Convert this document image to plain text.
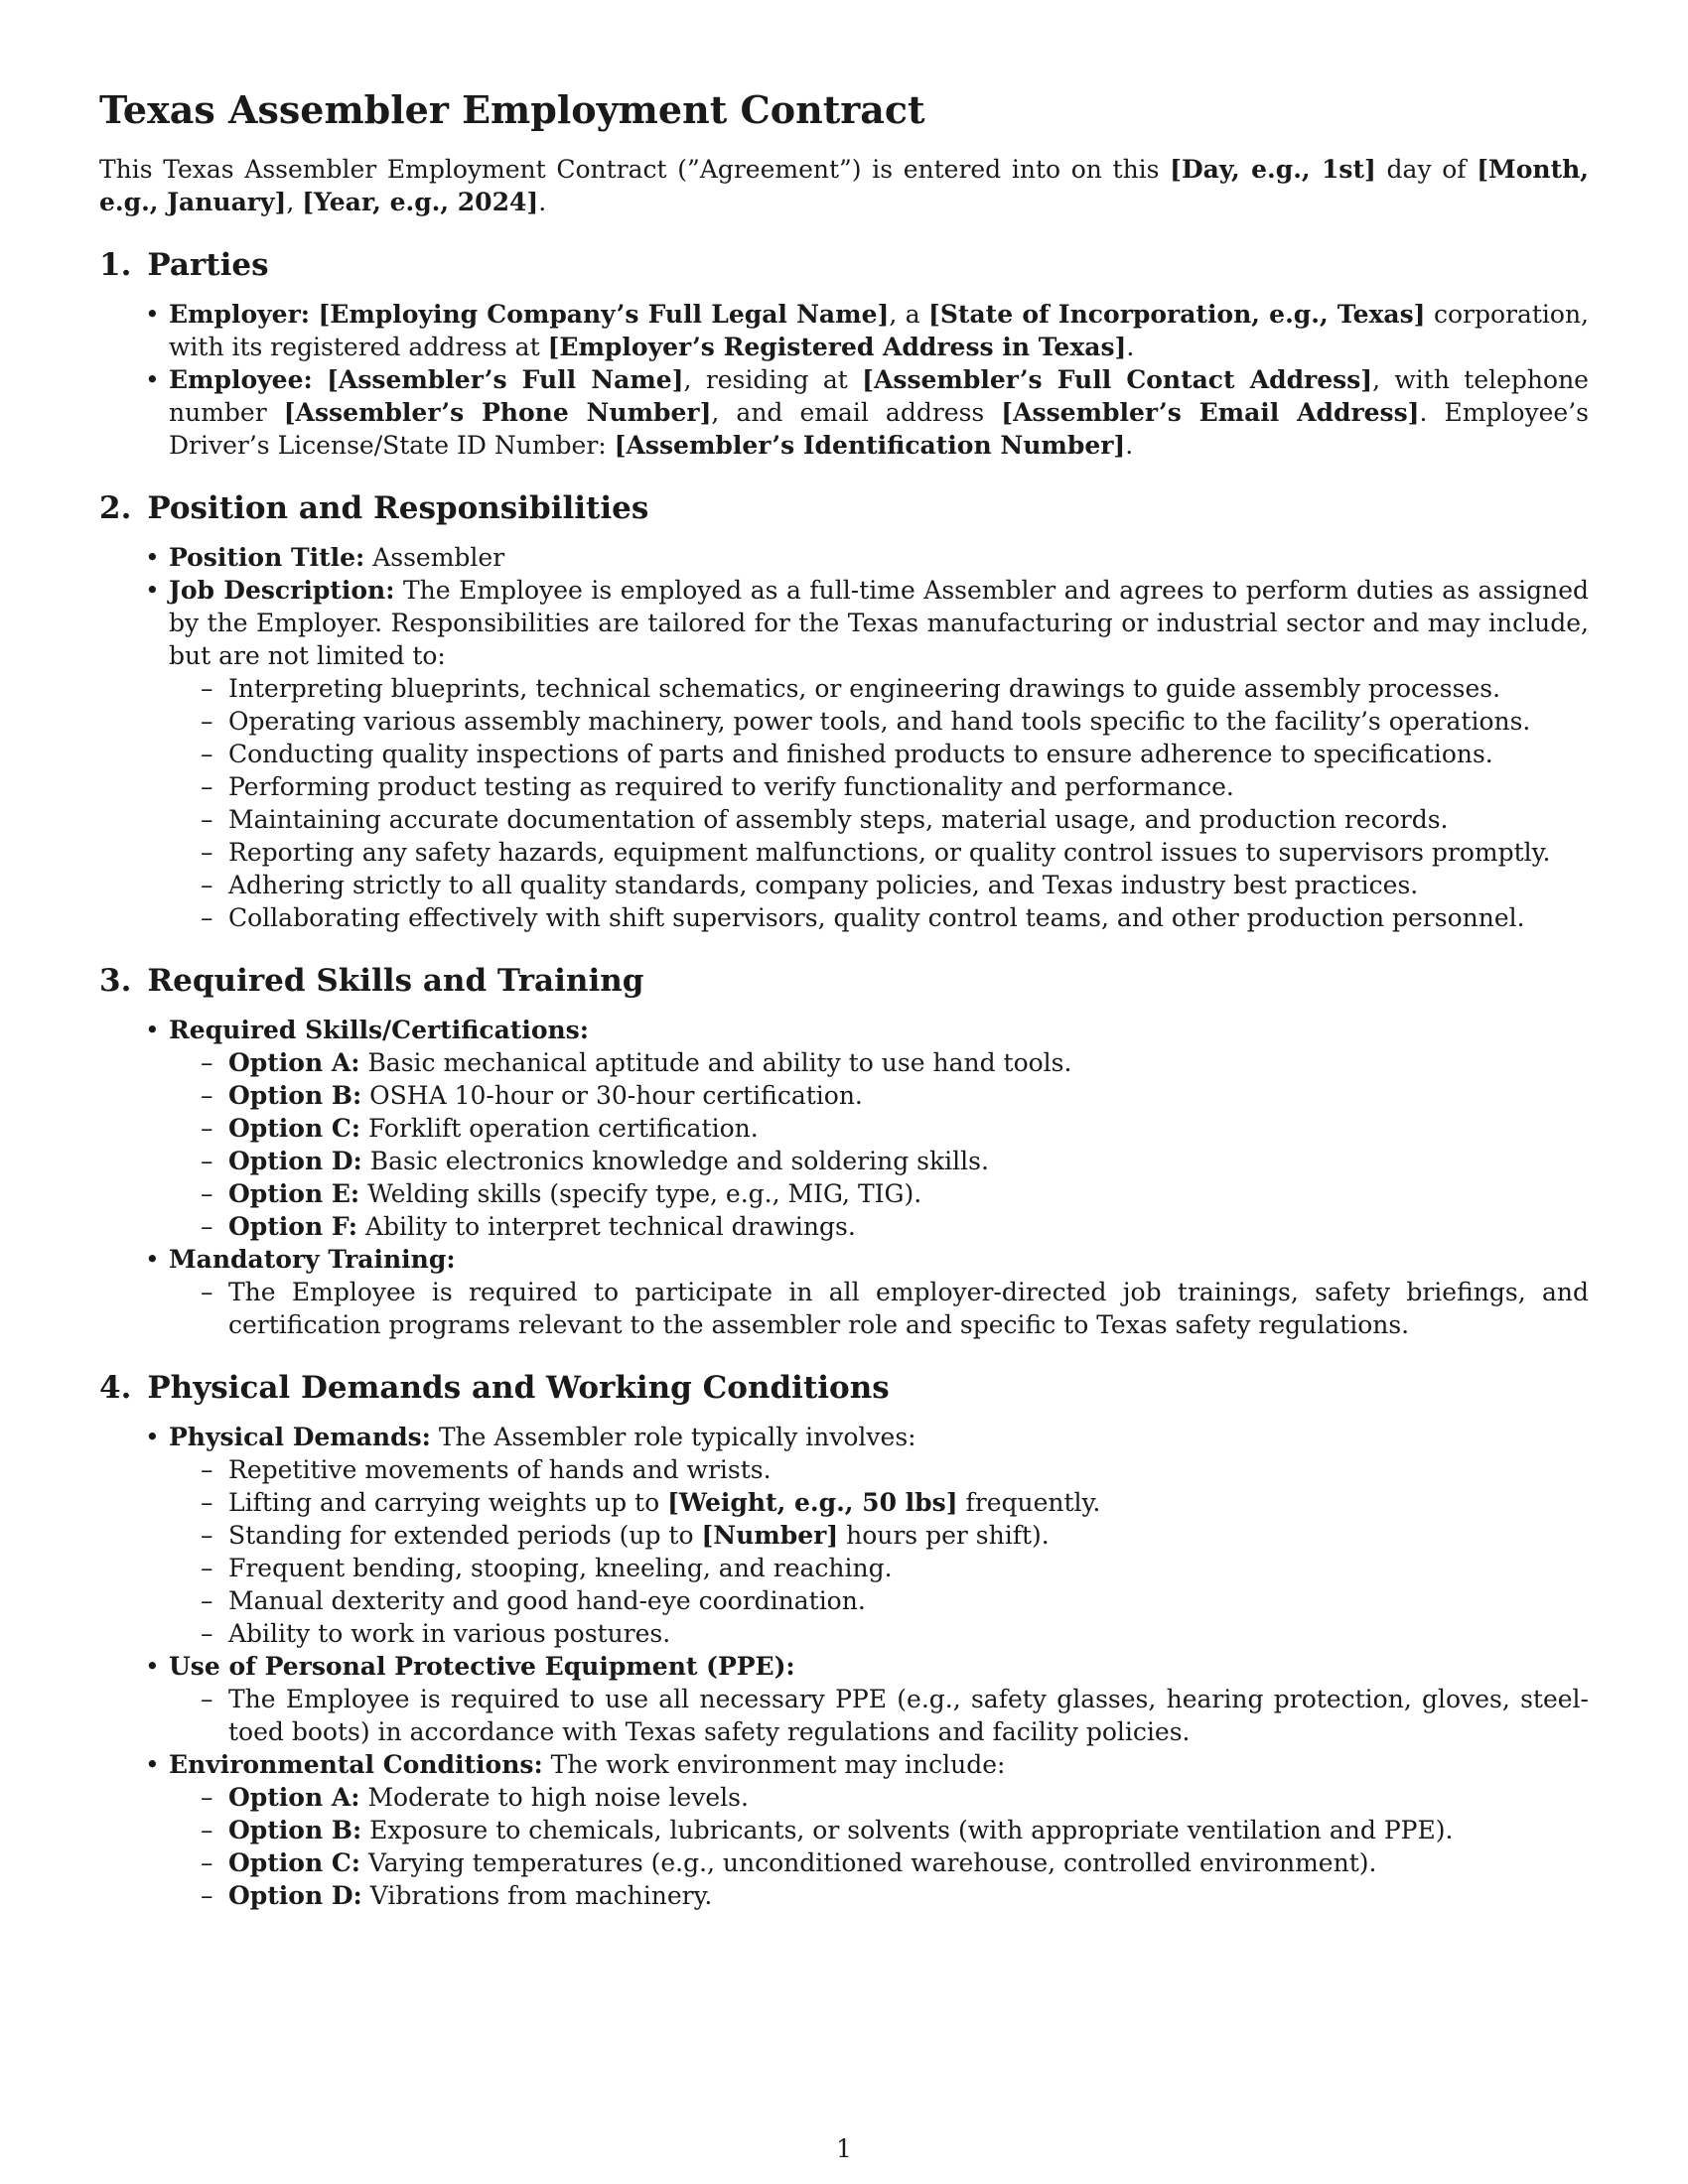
Texas Assembler Employment Contract

This Texas Assembler Employment Contract (”Agreement”) is entered into on this [Day, e.g., 1st] day of [Month, e.g., January], [Year, e.g., 2024].

1. Parties
• Employer: [Employing Company’s Full Legal Name], a [State of Incorporation, e.g., Texas] corporation, with its registered address at [Employer’s Registered Address in Texas].
• Employee: [Assembler’s Full Name], residing at [Assembler’s Full Contact Address], with telephone number [Assembler’s Phone Number], and email address [Assembler’s Email Address]. Employee’s Driver’s License/State ID Number: [Assembler’s Identification Number].
2. Position and Responsibilities
• Position Title: Assembler
• Job Description: The Employee is employed as a full-time Assembler and agrees to perform duties as assigned by the Employer. Responsibilities are tailored for the Texas manufacturing or industrial sector and may include, but are not limited to:
– Interpreting blueprints, technical schematics, or engineering drawings to guide assembly processes.
– Operating various assembly machinery, power tools, and hand tools specific to the facility’s operations.
– Conducting quality inspections of parts and finished products to ensure adherence to specifications.
– Performing product testing as required to verify functionality and performance.
– Maintaining accurate documentation of assembly steps, material usage, and production records.
– Reporting any safety hazards, equipment malfunctions, or quality control issues to supervisors promptly.
– Adhering strictly to all quality standards, company policies, and Texas industry best practices.
– Collaborating effectively with shift supervisors, quality control teams, and other production personnel.
3. Required Skills and Training
• Required Skills/Certifications:
– Option A: Basic mechanical aptitude and ability to use hand tools.
– Option B: OSHA 10-hour or 30-hour certification.
– Option C: Forklift operation certification.
– Option D: Basic electronics knowledge and soldering skills.
– Option E: Welding skills (specify type, e.g., MIG, TIG).
– Option F: Ability to interpret technical drawings.
• Mandatory Training:
– The Employee is required to participate in all employer-directed job trainings, safety briefings, and certification programs relevant to the assembler role and specific to Texas safety regulations.
4. Physical Demands and Working Conditions
• Physical Demands: The Assembler role typically involves:
– Repetitive movements of hands and wrists.
– Lifting and carrying weights up to [Weight, e.g., 50 lbs] frequently.
– Standing for extended periods (up to [Number] hours per shift).
– Frequent bending, stooping, kneeling, and reaching.
– Manual dexterity and good hand-eye coordination.
– Ability to work in various postures.
• Use of Personal Protective Equipment (PPE):
– The Employee is required to use all necessary PPE (e.g., safety glasses, hearing protection, gloves, steel-toed boots) in accordance with Texas safety regulations and facility policies.
• Environmental Conditions: The work environment may include:
– Option A: Moderate to high noise levels.
– Option B: Exposure to chemicals, lubricants, or solvents (with appropriate ventilation and PPE).
– Option C: Varying temperatures (e.g., unconditioned warehouse, controlled environment).
– Option D: Vibrations from machinery.
1
